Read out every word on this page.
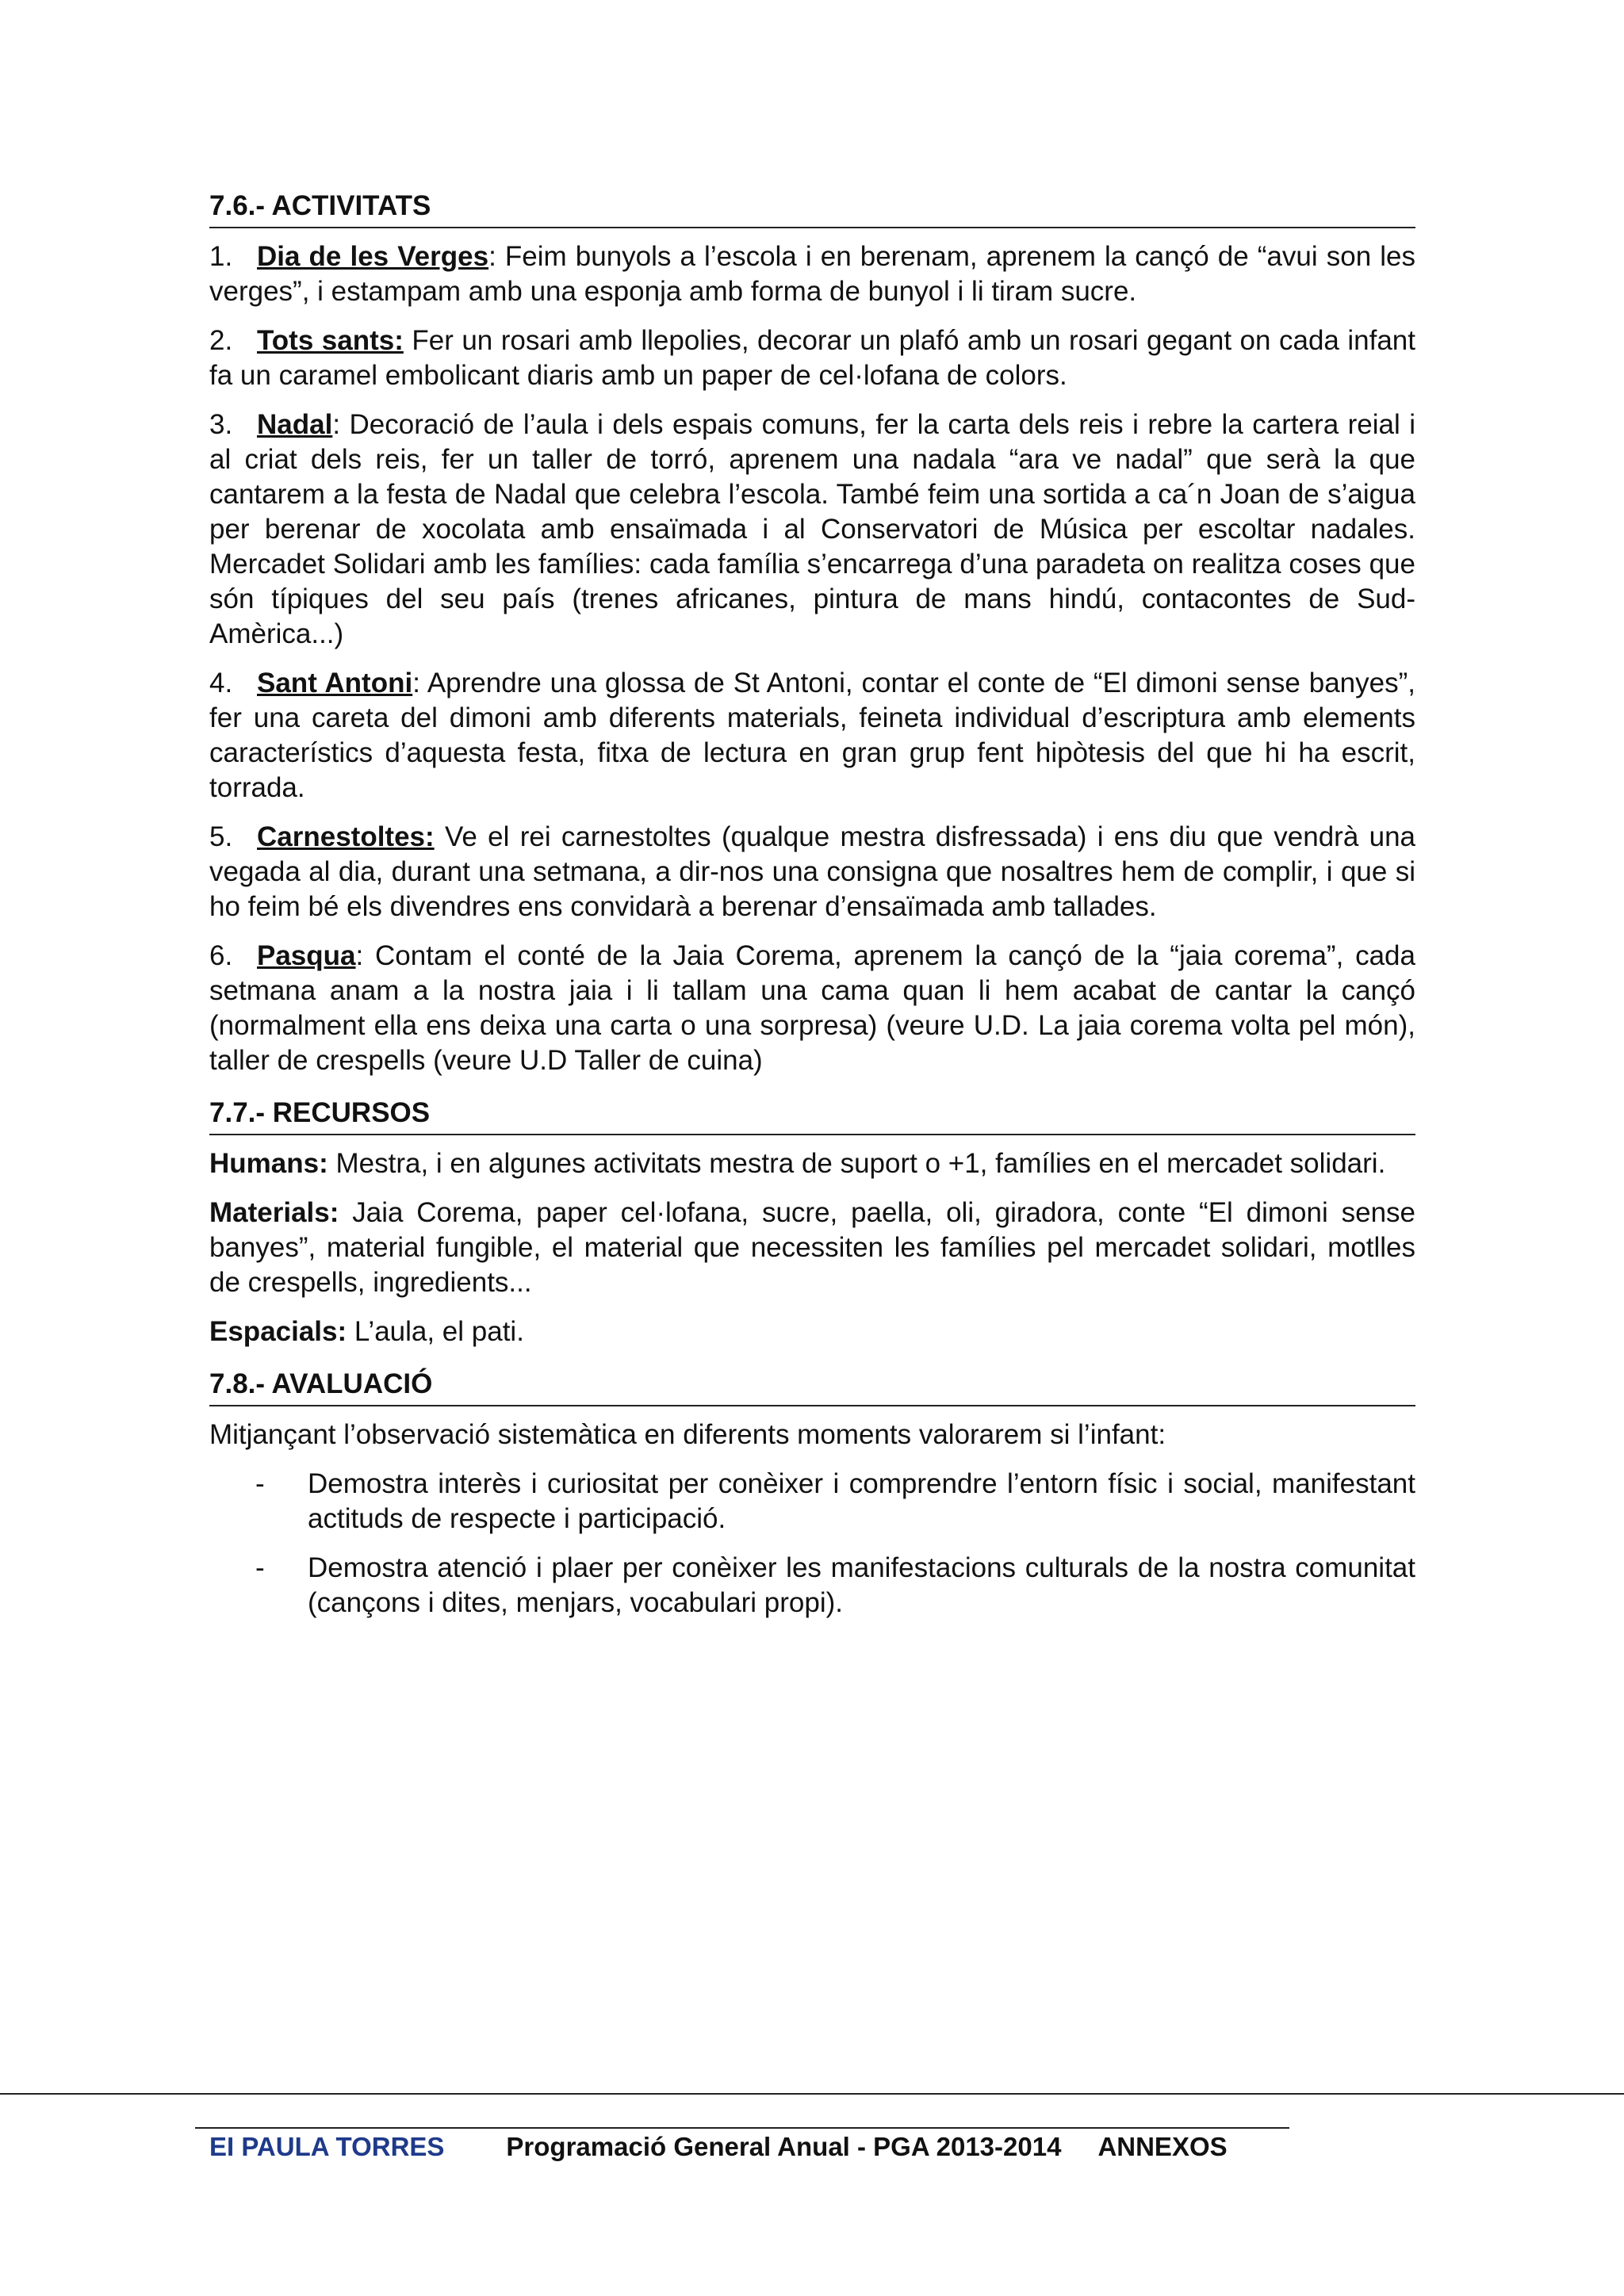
7.6.- ACTIVITATS
1. Dia de les Verges: Feim bunyols a l’escola i en berenam, aprenem la cançó de “avui son les verges”, i estampam amb una esponja amb forma de bunyol i li tiram sucre.
2. Tots sants: Fer un rosari amb llepolies, decorar un plafó amb un rosari gegant on cada infant fa un caramel embolicant diaris amb un paper de cel·lofana de colors.
3. Nadal: Decoració de l’aula i dels espais comuns, fer la carta dels reis i rebre la cartera reial i al criat dels reis, fer un taller de torró, aprenem una nadala “ara ve nadal” que serà la que cantarem a la festa de Nadal que celebra l’escola. També feim una sortida a ca´n Joan de s’aigua per berenar de xocolata amb ensaïmada i al Conservatori de Música per escoltar nadales. Mercadet Solidari amb les famílies: cada família s’encarrega d’una paradeta on realitza coses que són típiques del seu país (trenes africanes, pintura de mans hindú, contacontes de Sud-Amèrica...)
4. Sant Antoni: Aprendre una glossa de St Antoni, contar el conte de “El dimoni sense banyes”, fer una careta del dimoni amb diferents materials, feineta individual d’escriptura amb elements característics d’aquesta festa, fitxa de lectura en gran grup fent hipòtesis del que hi ha escrit, torrada.
5. Carnestoltes: Ve el rei carnestoltes (qualque mestra disfressada) i ens diu que vendrà una vegada al dia, durant una setmana, a dir-nos una consigna que nosaltres hem de complir, i que si ho feim bé els divendres ens convidarà a berenar d’ensaïmada amb tallades.
6. Pasqua: Contam el conté de la Jaia Corema, aprenem la cançó de la “jaia corema”, cada setmana anam a la nostra jaia i li tallam una cama quan li hem acabat de cantar la cançó (normalment ella ens deixa una carta o una sorpresa) (veure U.D. La jaia corema volta pel món), taller de crespells (veure U.D Taller de cuina)
7.7.- RECURSOS

Humans: Mestra, i en algunes activitats mestra de suport o +1, famílies en el mercadet solidari.

Materials: Jaia Corema, paper cel·lofana, sucre, paella, oli, giradora, conte “El dimoni sense banyes”, material fungible, el material que necessiten les famílies pel mercadet solidari, motlles de crespells, ingredients...

Espacials: L’aula, el pati.

7.8.- AVALUACIÓ

Mitjançant l’observació sistemàtica en diferents moments valorarem si l’infant:

- Demostra interès i curiositat per conèixer i comprendre l’entorn físic i social, manifestant actituds de respecte i participació.
- Demostra atenció i plaer per conèixer les manifestacions culturals de la nostra comunitat (cançons i dites, menjars, vocabulari propi).
EI PAULA TORRES Programació General Anual - PGA 2013-2014 ANNEXOS
